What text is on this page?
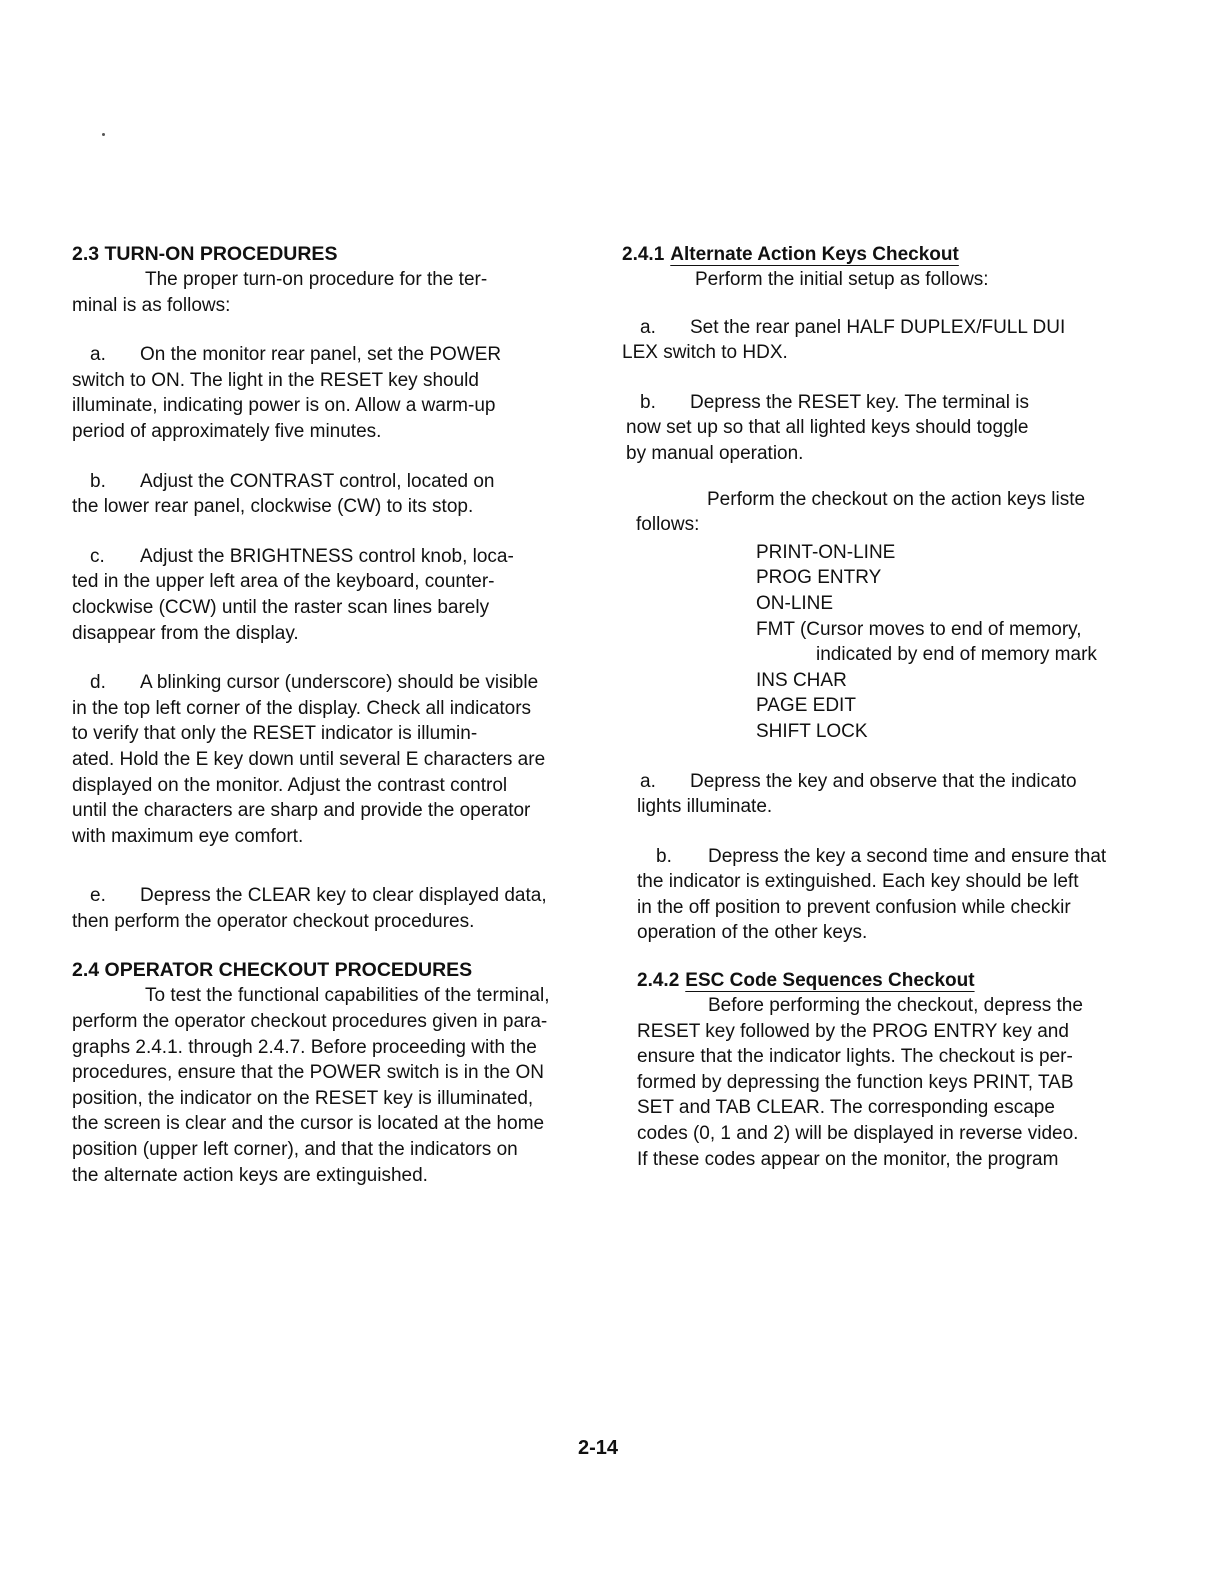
2.3 TURN-ON PROCEDURES

The proper turn-on procedure for the ter-

minal is as follows:

a. On the monitor rear panel, set the POWER

switch to ON. The light in the RESET key should

illuminate, indicating power is on. Allow a warm-up

period of approximately five minutes.

b. Adjust the CONTRAST control, located on

the lower rear panel, clockwise (CW) to its stop.

c. Adjust the BRIGHTNESS control knob, loca-

ted in the upper left area of the keyboard, counter-

clockwise (CCW) until the raster scan lines barely

disappear from the display.

d. A blinking cursor (underscore) should be visible

in the top left corner of the display. Check all indicators

to verify that only the RESET indicator is illumin-

ated. Hold the E key down until several E characters are

displayed on the monitor. Adjust the contrast control

until the characters are sharp and provide the operator

with maximum eye comfort.

e. Depress the CLEAR key to clear displayed data,

then perform the operator checkout procedures.

2.4 OPERATOR CHECKOUT PROCEDURES

To test the functional capabilities of the terminal,

perform the operator checkout procedures given in para-

graphs 2.4.1. through 2.4.7. Before proceeding with the

procedures, ensure that the POWER switch is in the ON

position, the indicator on the RESET key is illuminated,

the screen is clear and the cursor is located at the home

position (upper left corner), and that the indicators on

the alternate action keys are extinguished.

2.4.1 Alternate Action Keys Checkout

Perform the initial setup as follows:

a. Set the rear panel HALF DUPLEX/FULL DUI

LEX switch to HDX.

b. Depress the RESET key. The terminal is

now set up so that all lighted keys should toggle

by manual operation.

Perform the checkout on the action keys liste

follows:

PRINT-ON-LINE

PROG ENTRY

ON-LINE

FMT (Cursor moves to end of memory,

indicated by end of memory mark

INS CHAR

PAGE EDIT

SHIFT LOCK

a. Depress the key and observe that the indicato

lights illuminate.

b. Depress the key a second time and ensure that

the indicator is extinguished. Each key should be left

in the off position to prevent confusion while checkir

operation of the other keys.

2.4.2 ESC Code Sequences Checkout

Before performing the checkout, depress the

RESET key followed by the PROG ENTRY key and

ensure that the indicator lights. The checkout is per-

formed by depressing the function keys PRINT, TAB

SET and TAB CLEAR. The corresponding escape

codes (0, 1 and 2) will be displayed in reverse video.

If these codes appear on the monitor, the program

2-14
